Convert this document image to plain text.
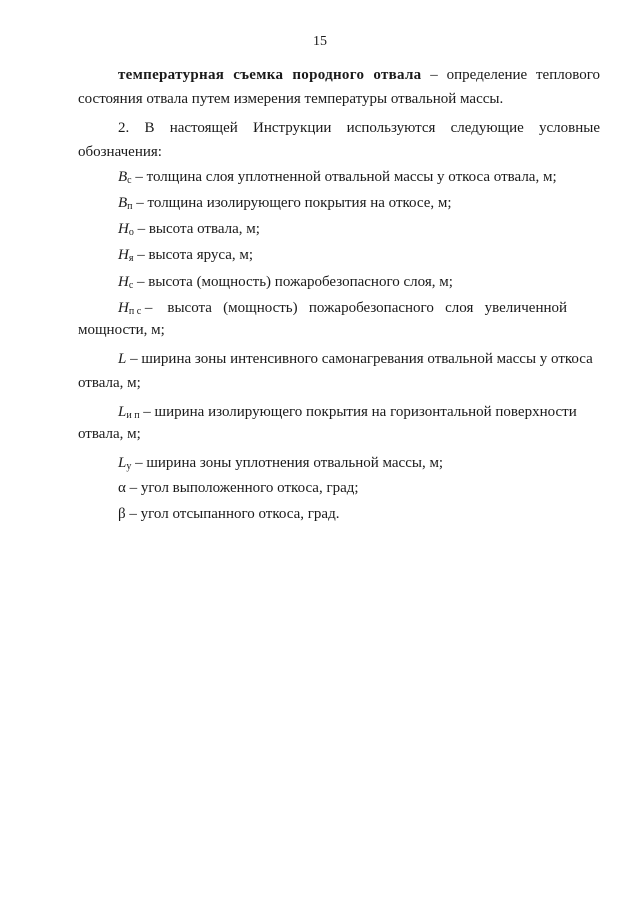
15
температурная съемка породного отвала – определение теплового
состояния отвала путем измерения температуры отвальной массы.
2. В настоящей Инструкции используются следующие условные
обозначения:
$B_с$ – толщина слоя уплотненной отвальной массы у откоса отвала, м;
$B_п$ – толщина изолирующего покрытия на откосе, м;
$H_о$ – высота отвала, м;
$H_я$ – высота яруса, м;
$H_с$ – высота (мощность) пожаробезопасного слоя, м;
$H_{п с}$ –    высота   (мощность)   пожаробезопасного   слоя   увеличенной
мощности, м;
L – ширина зоны интенсивного самонагревания отвальной массы у откоса
отвала, м;
$L_{и п}$ – ширина изолирующего покрытия на горизонтальной поверхности
отвала, м;
$L_у$ – ширина зоны уплотнения отвальной массы, м;
α – угол выположенного откоса, град;
β – угол отсыпанного откоса, град.
